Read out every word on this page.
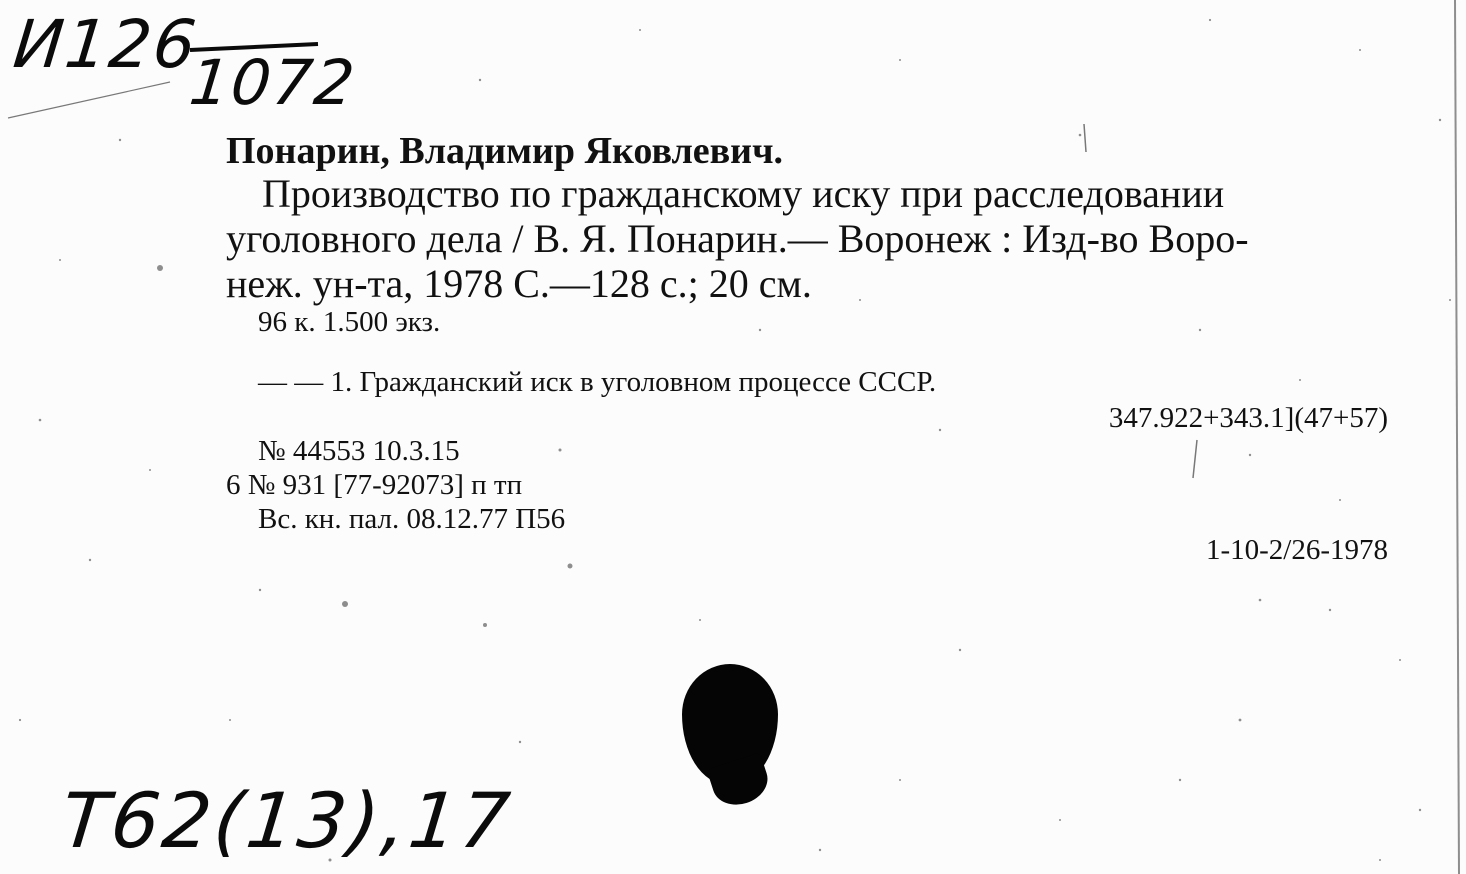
И126
1072
Понарин, Владимир Яковлевич.
Производство по гражданскому иску при расследовании
уголовного дела / В. Я. Понарин.— Воронеж : Изд-во Воро-
неж. ун-та, 1978 С.—128 с.; 20 см.
96 к. 1.500 экз.
— — 1. Гражданский иск в уголовном процессе СССР.
347.922+343.1](47+57)
№ 44553 10.3.15
6 № 931 [77-92073] п тп
Вс. кн. пал. 08.12.77 П56
1-10-2/26-1978
Т62(13),17
